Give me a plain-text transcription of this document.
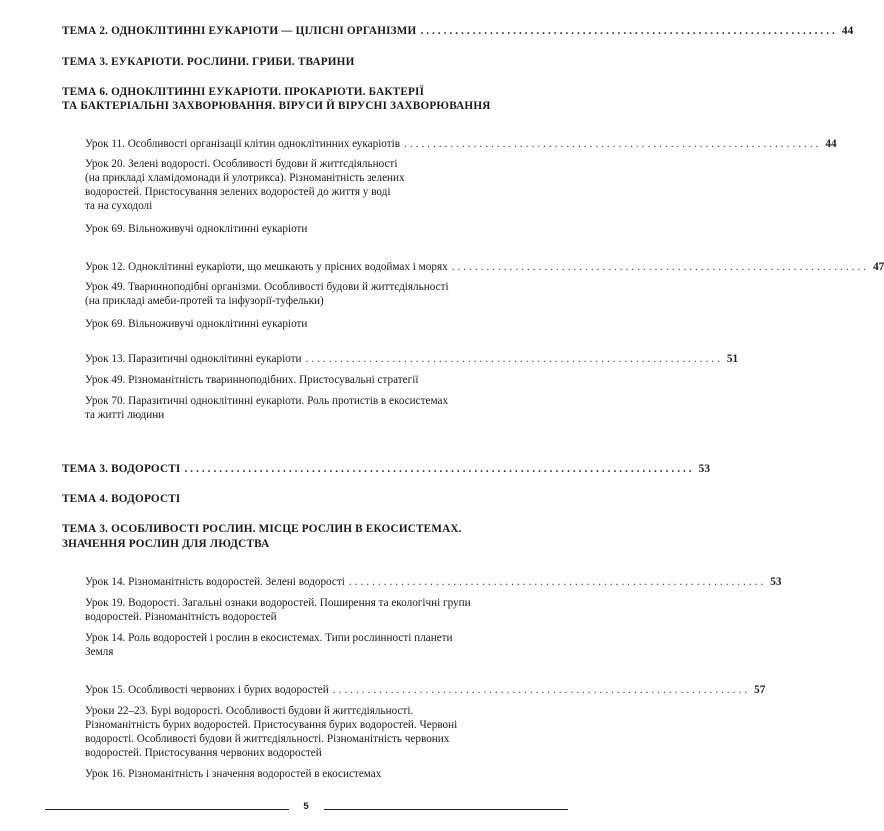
ТЕМА 2. ОДНОКЛІТИННІ ЕУКАРІОТИ — ЦІЛІСНІ ОРГАНІЗМИ ........................................................................ 44
ТЕМА 3. ЕУКАРІОТИ. РОСЛИНИ. ГРИБИ. ТВАРИНИ
ТЕМА 6. ОДНОКЛІТИННІ ЕУКАРІОТИ. ПРОКАРІОТИ. БАКТЕРІЇ
ТА БАКТЕРІАЛЬНІ ЗАХВОРЮВАННЯ. ВІРУСИ Й ВІРУСНІ ЗАХВОРЮВАННЯ
Урок 11. Особливості організації клітин одноклітинних еукаріотів ........................................................................ 44
Урок 20. Зелені водорості. Особливості будови й життєдіяльності
(на прикладі хламідомонади й улотрикса). Різноманітність зелених
водоростей. Пристосування зелених водоростей до життя у воді
та на суходолі
Урок 69. Вільноживучі одноклітинні еукаріоти
Урок 12. Одноклітинні еукаріоти, що мешкають у прісних водоймах і морях ........................................................................ 47
Урок 49. Тваринноподібні організми. Особливості будови й життєдіяльності
(на прикладі амеби-протей та інфузорії-туфельки)
Урок 69. Вільноживучі одноклітинні еукаріоти
Урок 13. Паразитичні одноклітинні еукаріоти ........................................................................ 51
Урок 49. Різноманітність тваринноподібних. Пристосувальні стратегії
Урок 70. Паразитичні одноклітинні еукаріоти. Роль протистів в екосистемах
та житті людини
ТЕМА 3. ВОДОРОСТІ ........................................................................................ 53
ТЕМА 4. ВОДОРОСТІ
ТЕМА 3. ОСОБЛИВОСТІ РОСЛИН. МІСЦЕ РОСЛИН В ЕКОСИСТЕМАХ.
ЗНАЧЕННЯ РОСЛИН ДЛЯ ЛЮДСТВА
Урок 14. Різноманітність водоростей. Зелені водорості ........................................................................ 53
Урок 19. Водорості. Загальні ознаки водоростей. Поширення та екологічні групи
водоростей. Різноманітність водоростей
Урок 14. Роль водоростей і рослин в екосистемах. Типи рослинності планети
Земля
Урок 15. Особливості червоних і бурих водоростей ........................................................................ 57
Уроки 22–23. Бурі водорості. Особливості будови й життєдіяльності.
Різноманітність бурих водоростей. Пристосування бурих водоростей. Червоні
водорості. Особливості будови й життєдіяльності. Різноманітність червоних
водоростей. Пристосування червоних водоростей
Урок 16. Різноманітність і значення водоростей в екосистемах
5
